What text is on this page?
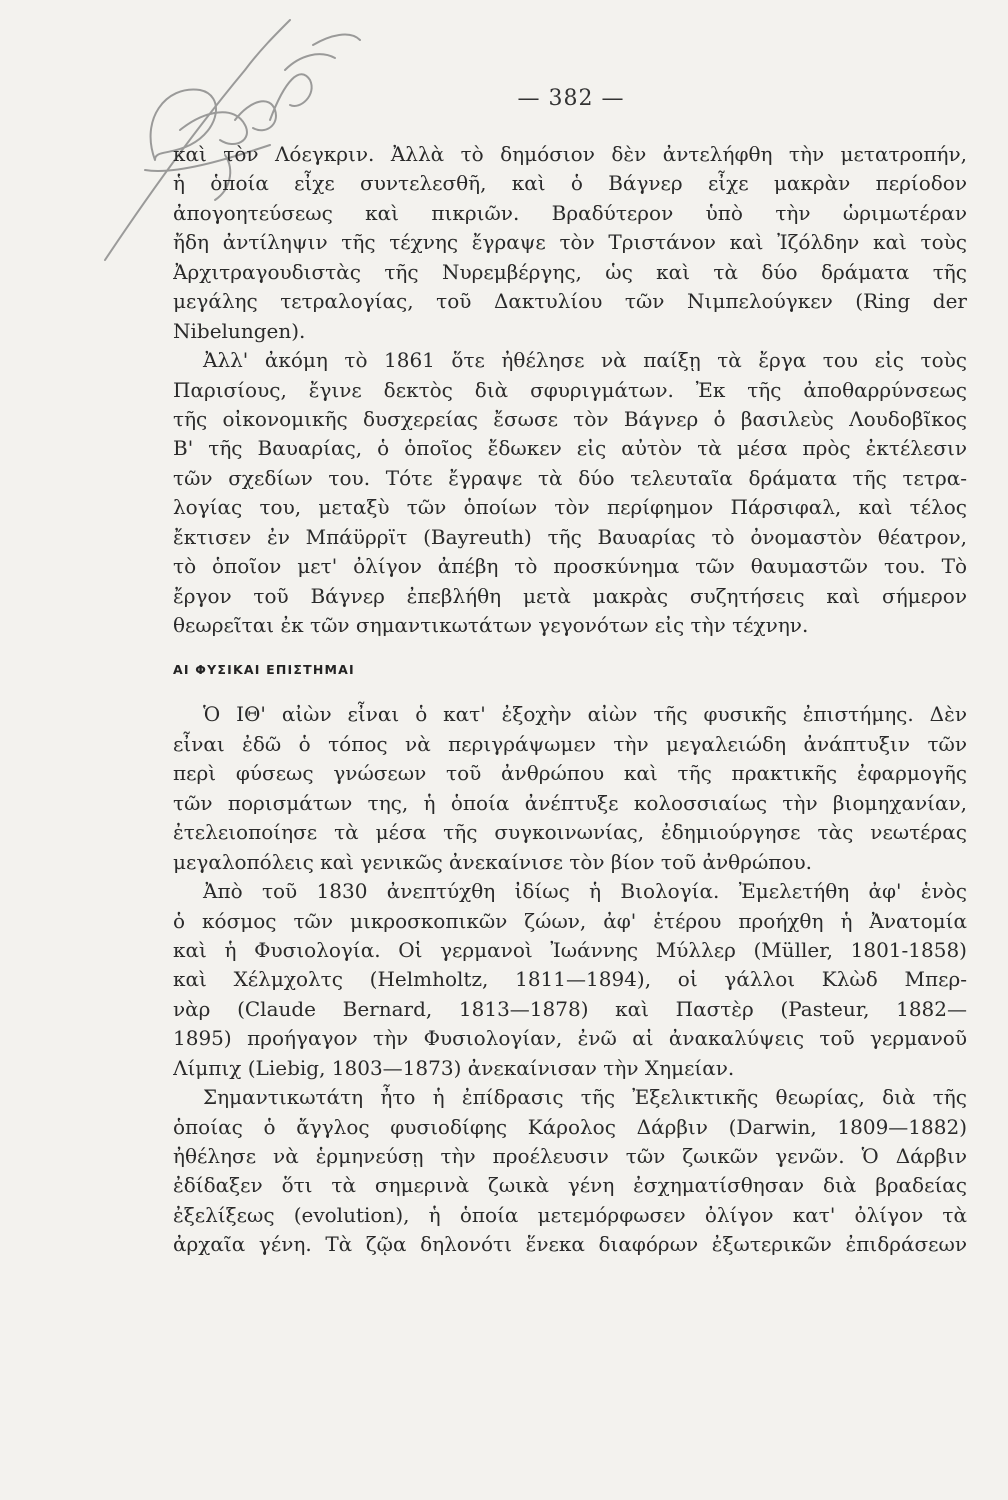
— 382 —
καὶ τὸν Λόεγκριν. Ἀλλὰ τὸ δημόσιον δὲν ἀντελήφθη τὴν μετατροπήν,
ἡ ὁποία εἶχε συντελεσθῆ, καὶ ὁ Βάγνερ εἶχε μακρὰν περίοδον
ἀπογοητεύσεως καὶ πικριῶν. Βραδύτερον ὑπὸ τὴν ὡριμωτέραν
ἤδη ἀντίληψιν τῆς τέχνης ἔγραψε τὸν Τριστάνον καὶ Ἰζόλδην καὶ τοὺς
Ἀρχιτραγουδιστὰς τῆς Νυρεμβέργης, ὡς καὶ τὰ δύο δράματα τῆς
μεγάλης τετραλογίας, τοῦ Δακτυλίου τῶν Νιμπελούγκεν (Ring der
Nibelungen).
Ἀλλ' ἀκόμη τὸ 1861 ὅτε ἠθέλησε νὰ παίξῃ τὰ ἔργα του εἰς τοὺς
Παρισίους, ἔγινε δεκτὸς διὰ σφυριγμάτων. Ἐκ τῆς ἀποθαρρύνσεως
τῆς οἰκονομικῆς δυσχερείας ἔσωσε τὸν Βάγνερ ὁ βασιλεὺς Λουδοβῖκος
Β' τῆς Βαυαρίας, ὁ ὁποῖος ἔδωκεν εἰς αὐτὸν τὰ μέσα πρὸς ἐκτέλεσιν
τῶν σχεδίων του. Τότε ἔγραψε τὰ δύο τελευταῖα δράματα τῆς τετρα-
λογίας του, μεταξὺ τῶν ὁποίων τὸν περίφημον Πάρσιφαλ, καὶ τέλος
ἔκτισεν ἐν Μπάϋρρϊτ (Bayreuth) τῆς Βαυαρίας τὸ ὀνομαστὸν θέατρον,
τὸ ὁποῖον μετ' ὀλίγον ἀπέβη τὸ προσκύνημα τῶν θαυμαστῶν του. Τὸ
ἔργον τοῦ Βάγνερ ἐπεβλήθη μετὰ μακρὰς συζητήσεις καὶ σήμερον
θεωρεῖται ἐκ τῶν σημαντικωτάτων γεγονότων εἰς τὴν τέχνην.
ΑΙ ΦΥΣΙΚΑΙ ΕΠΙΣΤΗΜΑΙ
Ὁ ΙΘ' αἰὼν εἶναι ὁ κατ' ἐξοχὴν αἰὼν τῆς φυσικῆς ἐπιστήμης. Δὲν
εἶναι ἐδῶ ὁ τόπος νὰ περιγράψωμεν τὴν μεγαλειώδη ἀνάπτυξιν τῶν
περὶ φύσεως γνώσεων τοῦ ἀνθρώπου καὶ τῆς πρακτικῆς ἐφαρμογῆς
τῶν πορισμάτων της, ἡ ὁποία ἀνέπτυξε κολοσσιαίως τὴν βιομηχανίαν,
ἐτελειοποίησε τὰ μέσα τῆς συγκοινωνίας, ἐδημιούργησε τὰς νεωτέρας
μεγαλοπόλεις καὶ γενικῶς ἀνεκαίνισε τὸν βίον τοῦ ἀνθρώπου.
Ἀπὸ τοῦ 1830 ἀνεπτύχθη ἰδίως ἡ Βιολογία. Ἐμελετήθη ἀφ' ἑνὸς
ὁ κόσμος τῶν μικροσκοπικῶν ζώων, ἀφ' ἑτέρου προήχθη ἡ Ἀνατομία
καὶ ἡ Φυσιολογία. Οἱ γερμανοὶ Ἰωάννης Μύλλερ (Müller, 1801-1858)
καὶ Χέλμχολτς (Helmholtz, 1811—1894), οἱ γάλλοι Κλὼδ Μπερ-
νὰρ (Claude Bernard, 1813—1878) καὶ Παστὲρ (Pasteur, 1882—
1895) προήγαγον τὴν Φυσιολογίαν, ἐνῶ αἱ ἀνακαλύψεις τοῦ γερμανοῦ
Λίμπιχ (Liebig, 1803—1873) ἀνεκαίνισαν τὴν Χημείαν.
Σημαντικωτάτη ἦτο ἡ ἐπίδρασις τῆς Ἐξελικτικῆς θεωρίας, διὰ τῆς
ὁποίας ὁ ἄγγλος φυσιοδίφης Κάρολος Δάρβιν (Darwin, 1809—1882)
ἠθέλησε νὰ ἑρμηνεύσῃ τὴν προέλευσιν τῶν ζωικῶν γενῶν. Ὁ Δάρβιν
ἐδίδαξεν ὅτι τὰ σημερινὰ ζωικὰ γένη ἐσχηματίσθησαν διὰ βραδείας
ἐξελίξεως (evolution), ἡ ὁποία μετεμόρφωσεν ὀλίγον κατ' ὀλίγον τὰ
ἀρχαῖα γένη. Τὰ ζῷα δηλονότι ἕνεκα διαφόρων ἐξωτερικῶν ἐπιδράσεων
